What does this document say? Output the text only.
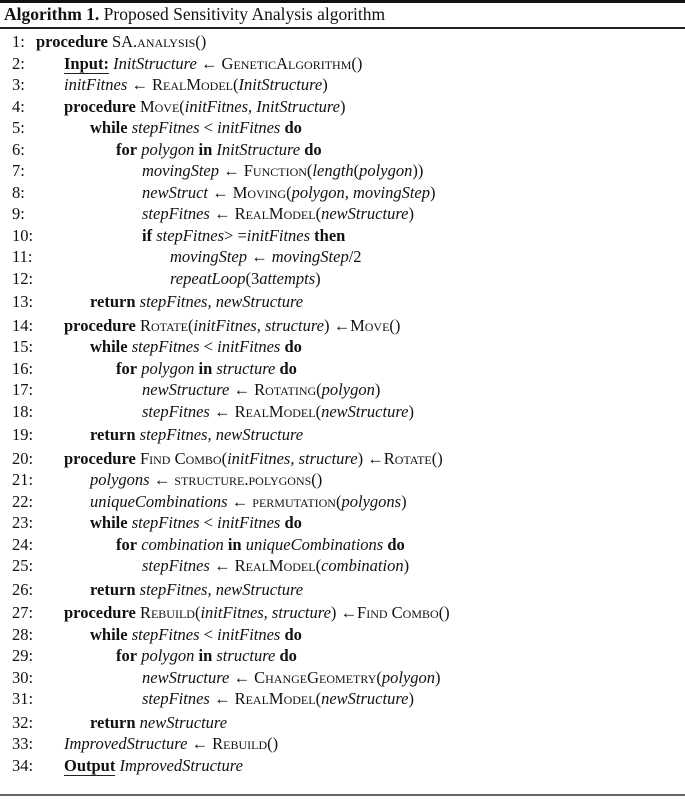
Algorithm 1. Proposed Sensitivity Analysis algorithm
1: procedure SA.analysis()
2:	Input: InitStructure ← GeneticAlgorithm()
3:	initFitnes ← RealModel(InitStructure)
4:	procedure Move(initFitnes, InitStructure)
5:	while stepFitnes < initFitnes do
6:	for polygon in InitStructure do
7:	movingStep ← Function(length(polygon))
8:	newStruct ← Moving(polygon, movingStep)
9:	stepFitnes ← RealModel(newStructure)
10:	if stepFitnes> =initFitnes then
11:	movingStep ← movingStep/2
12:	repeatLoop(3attempts)
13:	return stepFitnes, newStructure
14: procedure Rotate(initFitnes, structure) ←Move()
15:	while stepFitnes < initFitnes do
16:	for polygon in structure do
17:	newStructure ← Rotating(polygon)
18:	stepFitnes ← RealModel(newStructure)
19:	return stepFitnes, newStructure
20: procedure Find Combo(initFitnes, structure) ←Rotate()
21:	polygons ← structure.polygons()
22:	uniqueCombinations ← permutation(polygons)
23:	while stepFitnes < initFitnes do
24:	for combination in uniqueCombinations do
25:	stepFitnes ← RealModel(combination)
26:	return stepFitnes, newStructure
27: procedure Rebuild(initFitnes, structure) ←Find Combo()
28:	while stepFitnes < initFitnes do
29:	for polygon in structure do
30:	newStructure ← ChangeGeometry(polygon)
31:	stepFitnes ← RealModel(newStructure)
32:	return newStructure
33: ImprovedStructure ← Rebuild()
34: Output ImprovedStructure
